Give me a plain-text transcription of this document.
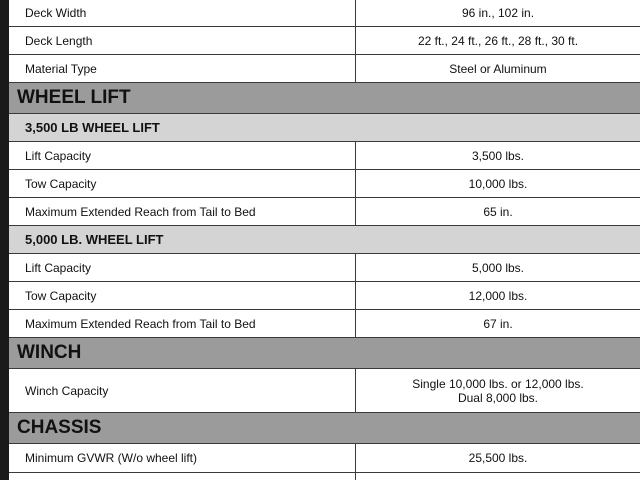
Deck Width	96 in., 102 in.
Deck Length	22 ft., 24 ft., 26 ft., 28 ft., 30 ft.
Material Type	Steel or Aluminum
WHEEL LIFT
3,500 LB WHEEL LIFT
Lift Capacity	3,500 lbs.
Tow Capacity	10,000 lbs.
Maximum Extended Reach from Tail to Bed	65 in.
5,000 LB. WHEEL LIFT
Lift Capacity	5,000 lbs.
Tow Capacity	12,000 lbs.
Maximum Extended Reach from Tail to Bed	67 in.
WINCH
Winch Capacity	Single 10,000 lbs. or 12,000 lbs.
Dual 8,000 lbs.
CHASSIS
Minimum GVWR (W/o wheel lift)	25,500 lbs.
